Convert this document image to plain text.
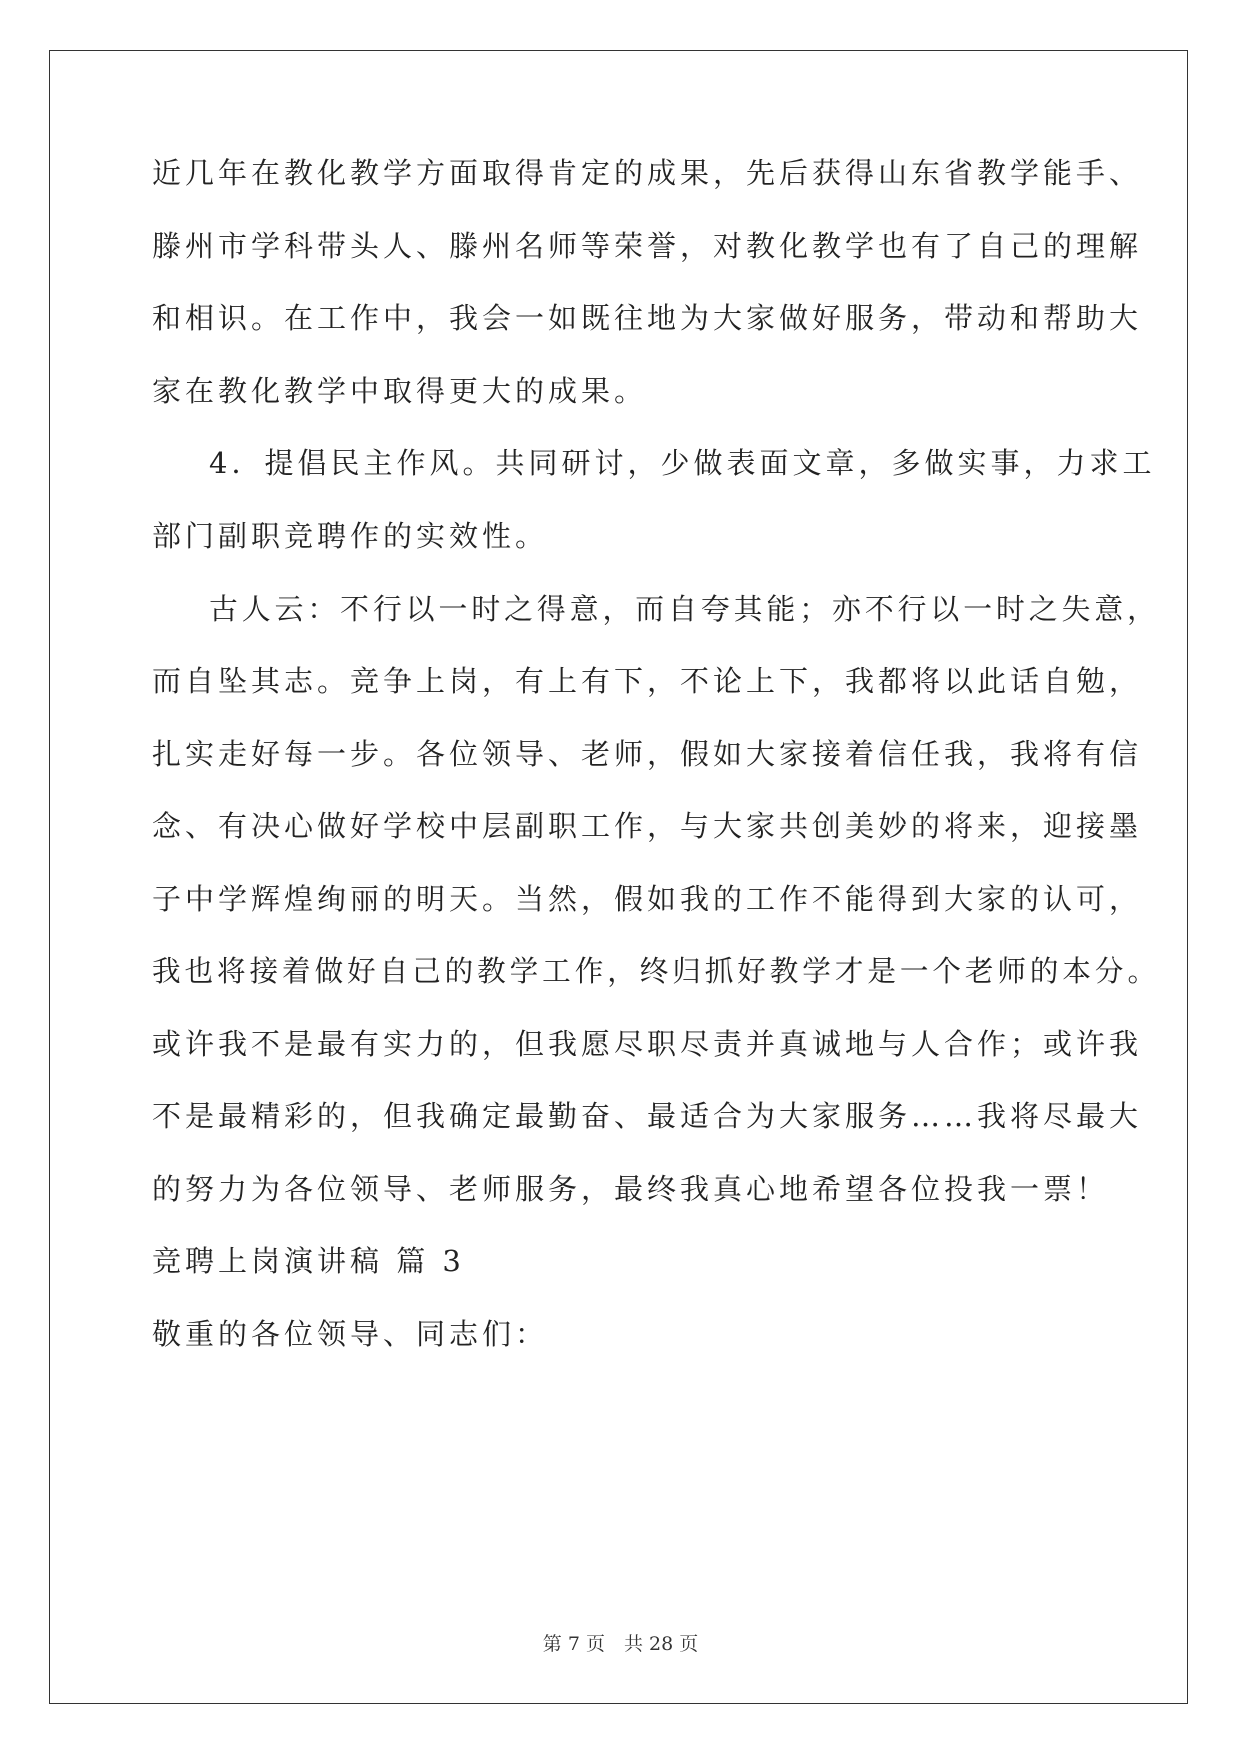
近几年在教化教学方面取得肯定的成果，先后获得山东省教学能手、
滕州市学科带头人、滕州名师等荣誉，对教化教学也有了自己的理解
和相识。在工作中，我会一如既往地为大家做好服务，带动和帮助大
家在教化教学中取得更大的成果。
4．提倡民主作风。共同研讨，少做表面文章，多做实事，力求工
部门副职竞聘作的实效性。
古人云：不行以一时之得意，而自夸其能；亦不行以一时之失意，
而自坠其志。竞争上岗，有上有下，不论上下，我都将以此话自勉，
扎实走好每一步。各位领导、老师，假如大家接着信任我，我将有信
念、有决心做好学校中层副职工作，与大家共创美妙的将来，迎接墨
子中学辉煌绚丽的明天。当然，假如我的工作不能得到大家的认可，
我也将接着做好自己的教学工作，终归抓好教学才是一个老师的本分。
或许我不是最有实力的，但我愿尽职尽责并真诚地与人合作；或许我
不是最精彩的，但我确定最勤奋、最适合为大家服务……我将尽最大
的努力为各位领导、老师服务，最终我真心地希望各位投我一票！
竞聘上岗演讲稿 篇 3
敬重的各位领导、同志们：
第 7 页　共 28 页
